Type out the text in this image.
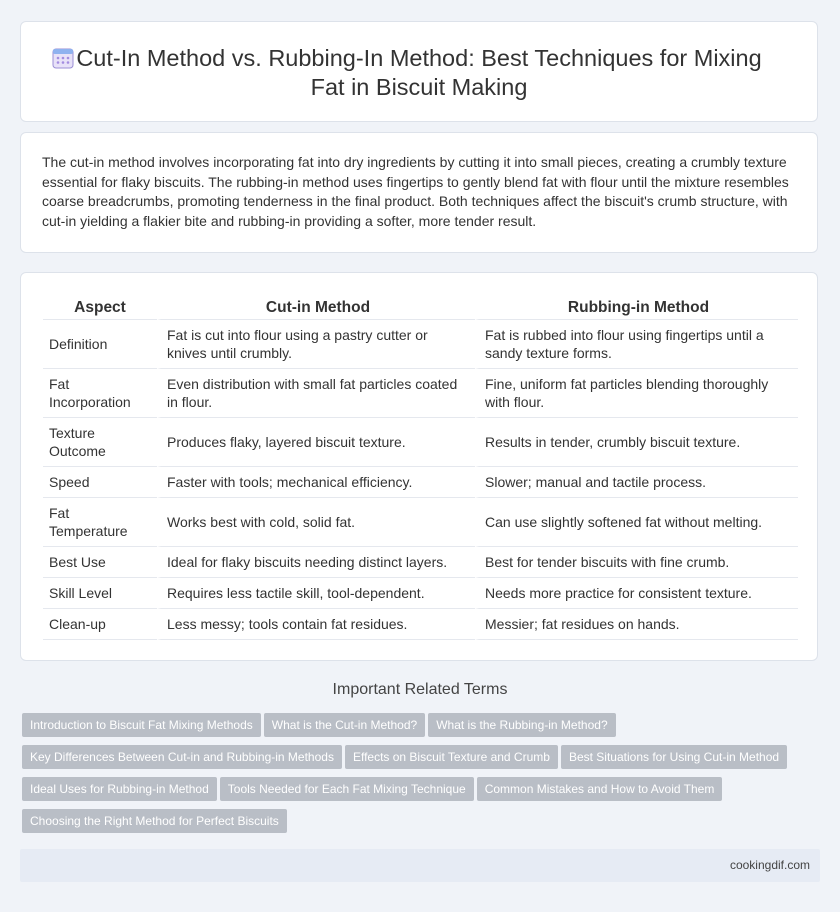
Cut-In Method vs. Rubbing-In Method: Best Techniques for Mixing Fat in Biscuit Making

The cut-in method involves incorporating fat into dry ingredients by cutting it into small pieces, creating a crumbly texture essential for flaky biscuits. The rubbing-in method uses fingertips to gently blend fat with flour until the mixture resembles coarse breadcrumbs, promoting tenderness in the final product. Both techniques affect the biscuit's crumb structure, with cut-in yielding a flakier bite and rubbing-in providing a softer, more tender result.

Aspect	Cut-in Method	Rubbing-in Method
Definition	Fat is cut into flour using a pastry cutter or knives until crumbly.	Fat is rubbed into flour using fingertips until a sandy texture forms.
Fat Incorporation	Even distribution with small fat particles coated in flour.	Fine, uniform fat particles blending thoroughly with flour.
Texture Outcome	Produces flaky, layered biscuit texture.	Results in tender, crumbly biscuit texture.
Speed	Faster with tools; mechanical efficiency.	Slower; manual and tactile process.
Fat Temperature	Works best with cold, solid fat.	Can use slightly softened fat without melting.
Best Use	Ideal for flaky biscuits needing distinct layers.	Best for tender biscuits with fine crumb.
Skill Level	Requires less tactile skill, tool-dependent.	Needs more practice for consistent texture.
Clean-up	Less messy; tools contain fat residues.	Messier; fat residues on hands.
Important Related Terms
Introduction to Biscuit Fat Mixing Methods What is the Cut-in Method? What is the Rubbing-in Method?
Key Differences Between Cut-in and Rubbing-in Methods Effects on Biscuit Texture and Crumb Best Situations for Using Cut-in Method
Ideal Uses for Rubbing-in Method Tools Needed for Each Fat Mixing Technique Common Mistakes and How to Avoid Them
Choosing the Right Method for Perfect Biscuits
cookingdif.com
